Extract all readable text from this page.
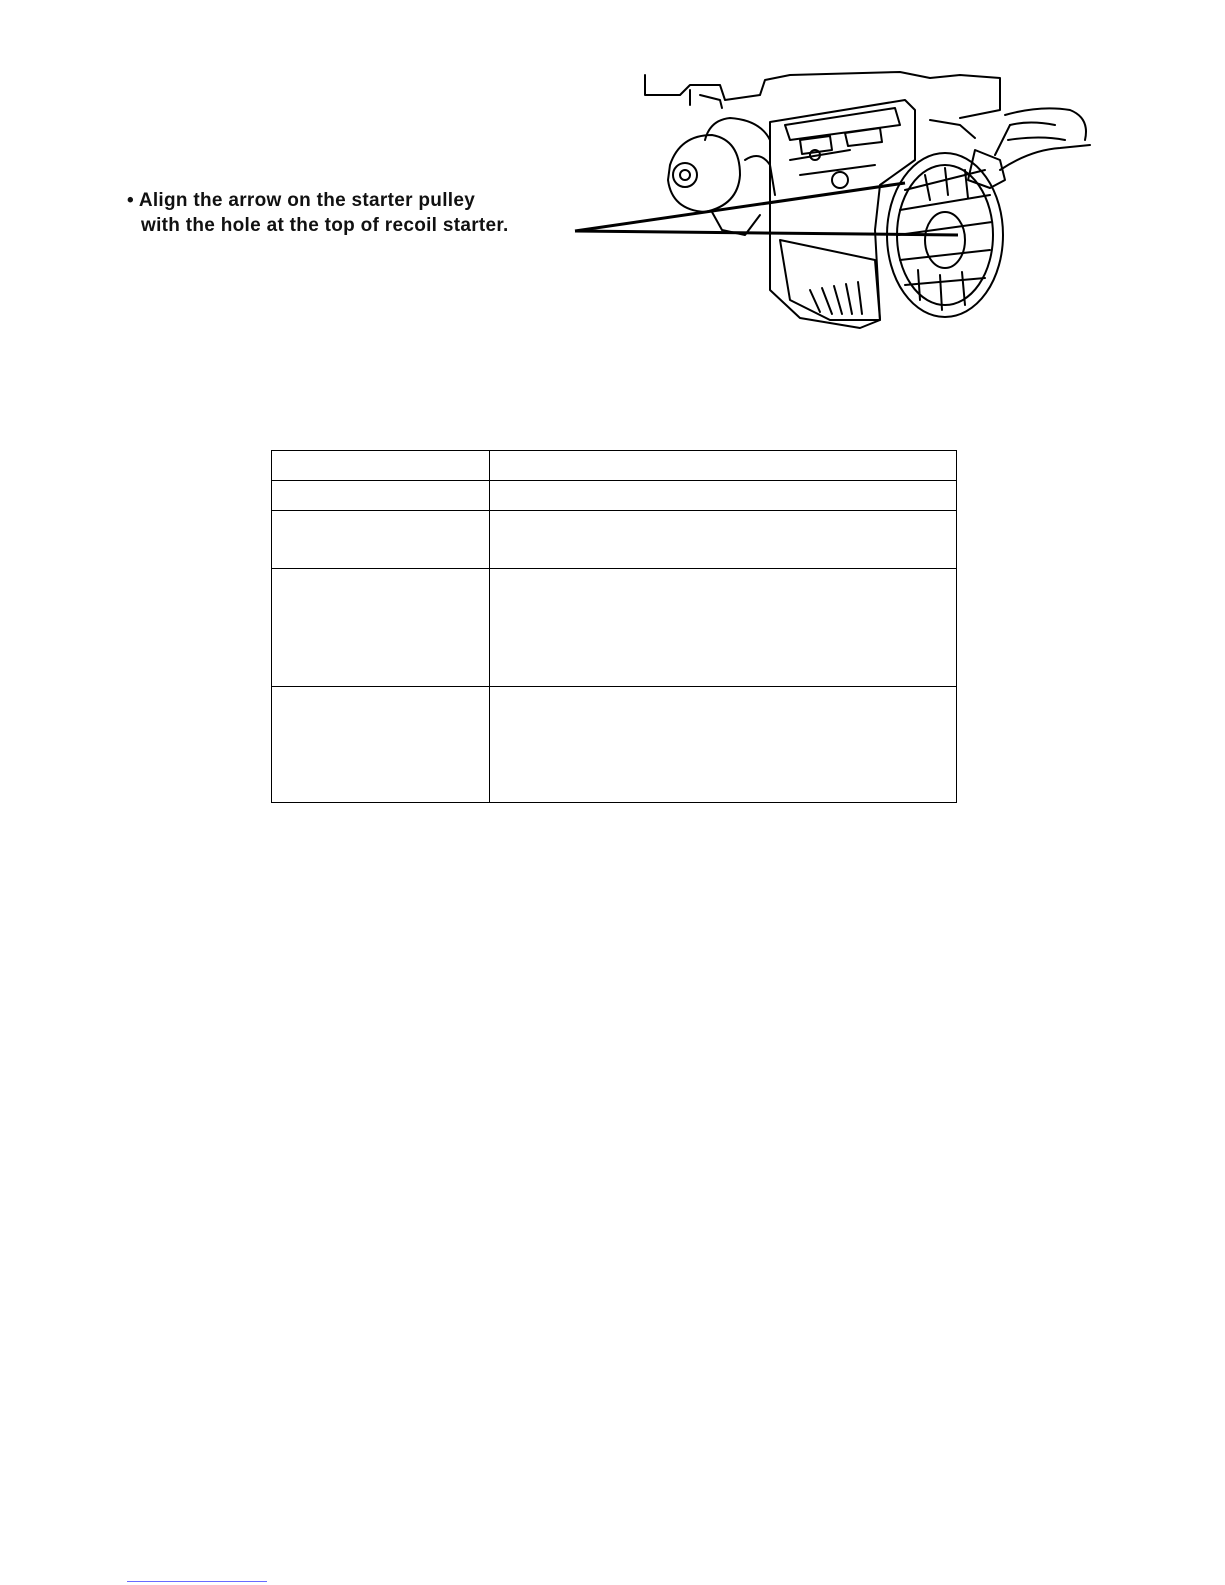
• Align the arrow on the starter pulley
with the hole at the top of recoil starter.
